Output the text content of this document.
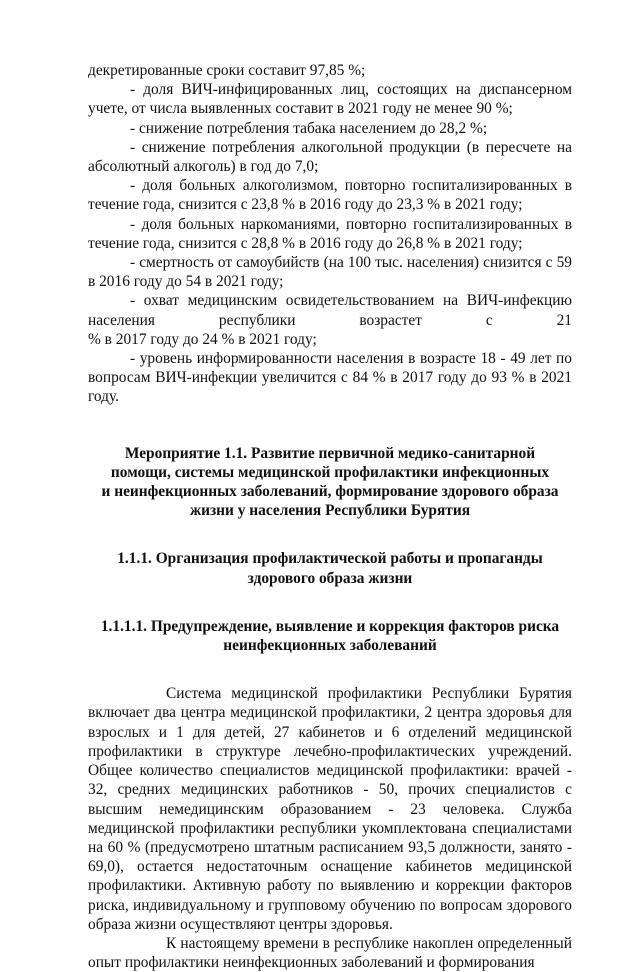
декретированные сроки составит 97,85 %;

- доля ВИЧ-инфицированных лиц, состоящих на диспансерном учете, от числа выявленных составит в 2021 году не менее 90 %;

- снижение потребления табака населением до 28,2 %;

- снижение потребления алкогольной продукции (в пересчете на абсолютный алкоголь) в год до 7,0;

- доля больных алкоголизмом, повторно госпитализированных в течение года, снизится с 23,8 % в 2016 году до 23,3 % в 2021 году;

- доля больных наркоманиями, повторно госпитализированных в течение года, снизится с 28,8 % в 2016 году до 26,8 % в 2021 году;

- смертность от самоубийств (на 100 тыс. населения) снизится с 59 в 2016 году до 54 в 2021 году;

- охват медицинским освидетельствованием на ВИЧ-инфекцию населения республики возрастет с 21

% в 2017 году до 24 % в 2021 году;

- уровень информированности населения в возрасте 18 - 49 лет по вопросам ВИЧ-инфекции увеличится с 84 % в 2017 году до 93 % в 2021 году.

Мероприятие 1.1. Развитие первичной медико-санитарной
помощи, системы медицинской профилактики инфекционных
и неинфекционных заболеваний, формирование здорового образа
жизни у населения Республики Бурятия
1.1.1. Организация профилактической работы и пропаганды
здорового образа жизни
1.1.1.1. Предупреждение, выявление и коррекция факторов риска
неинфекционных заболеваний

Система медицинской профилактики Республики Бурятия включает два центра медицинской профилактики, 2 центра здоровья для взрослых и 1 для детей, 27 кабинетов и 6 отделений медицинской профилактики в структуре лечебно-профилактических учреждений. Общее количество специалистов медицинской профилактики: врачей - 32, средних медицинских работников - 50, прочих специалистов с высшим немедицинским образованием - 23 человека. Служба медицинской профилактики республики укомплектована специалистами на 60 % (предусмотрено штатным расписанием 93,5 должности, занято - 69,0), остается недостаточным оснащение кабинетов медицинской профилактики. Активную работу по выявлению и коррекции факторов риска, индивидуальному и групповому обучению по вопросам здорового образа жизни осуществляют центры здоровья.

К настоящему времени в республике накоплен определенный опыт профилактики неинфекционных заболеваний и формирования
